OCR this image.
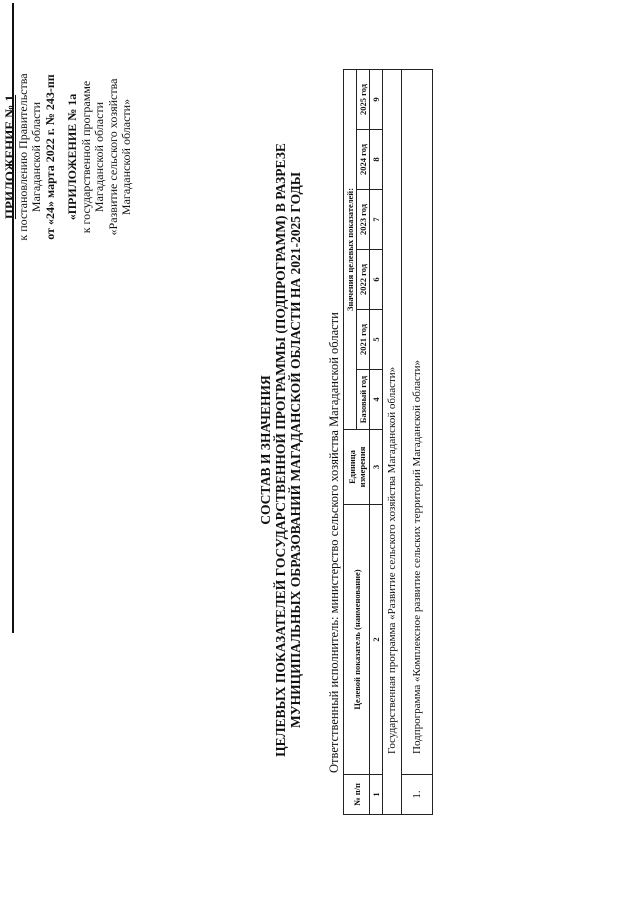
ПРИЛОЖЕНИЕ № 1
к постановлению Правительства Магаданской области от «24» марта 2022 г. № 243-пп «ПРИЛОЖЕНИЕ № 1а к государственной программе Магаданской области «Развитие сельского хозяйства Магаданской области»
СОСТАВ И ЗНАЧЕНИЯ ЦЕЛЕВЫХ ПОКАЗАТЕЛЕЙ ГОСУДАРСТВЕННОЙ ПРОГРАММЫ (ПОДПРОГРАММ) В РАЗРЕЗЕ МУНИЦИПАЛЬНЫХ ОБРАЗОВАНИЙ МАГАДАНСКОЙ ОБЛАСТИ НА 2021-2025 ГОДЫ Ответственный исполнитель: министерство сельского хозяйства Магаданской области
№ п/п	Целевой показатель (наименование)	Единица измерения	Значения целевых показателей:					
			Базовый год	2021 год	2022 год	2023 год	2024 год	2025 год
1	2	3	4	5	6	7	8	9
Государственная программа «Развитие сельского хозяйства Магаданской области»								
1.	Подпрограмма «Комплексное развитие сельских территорий Магаданской области»							
